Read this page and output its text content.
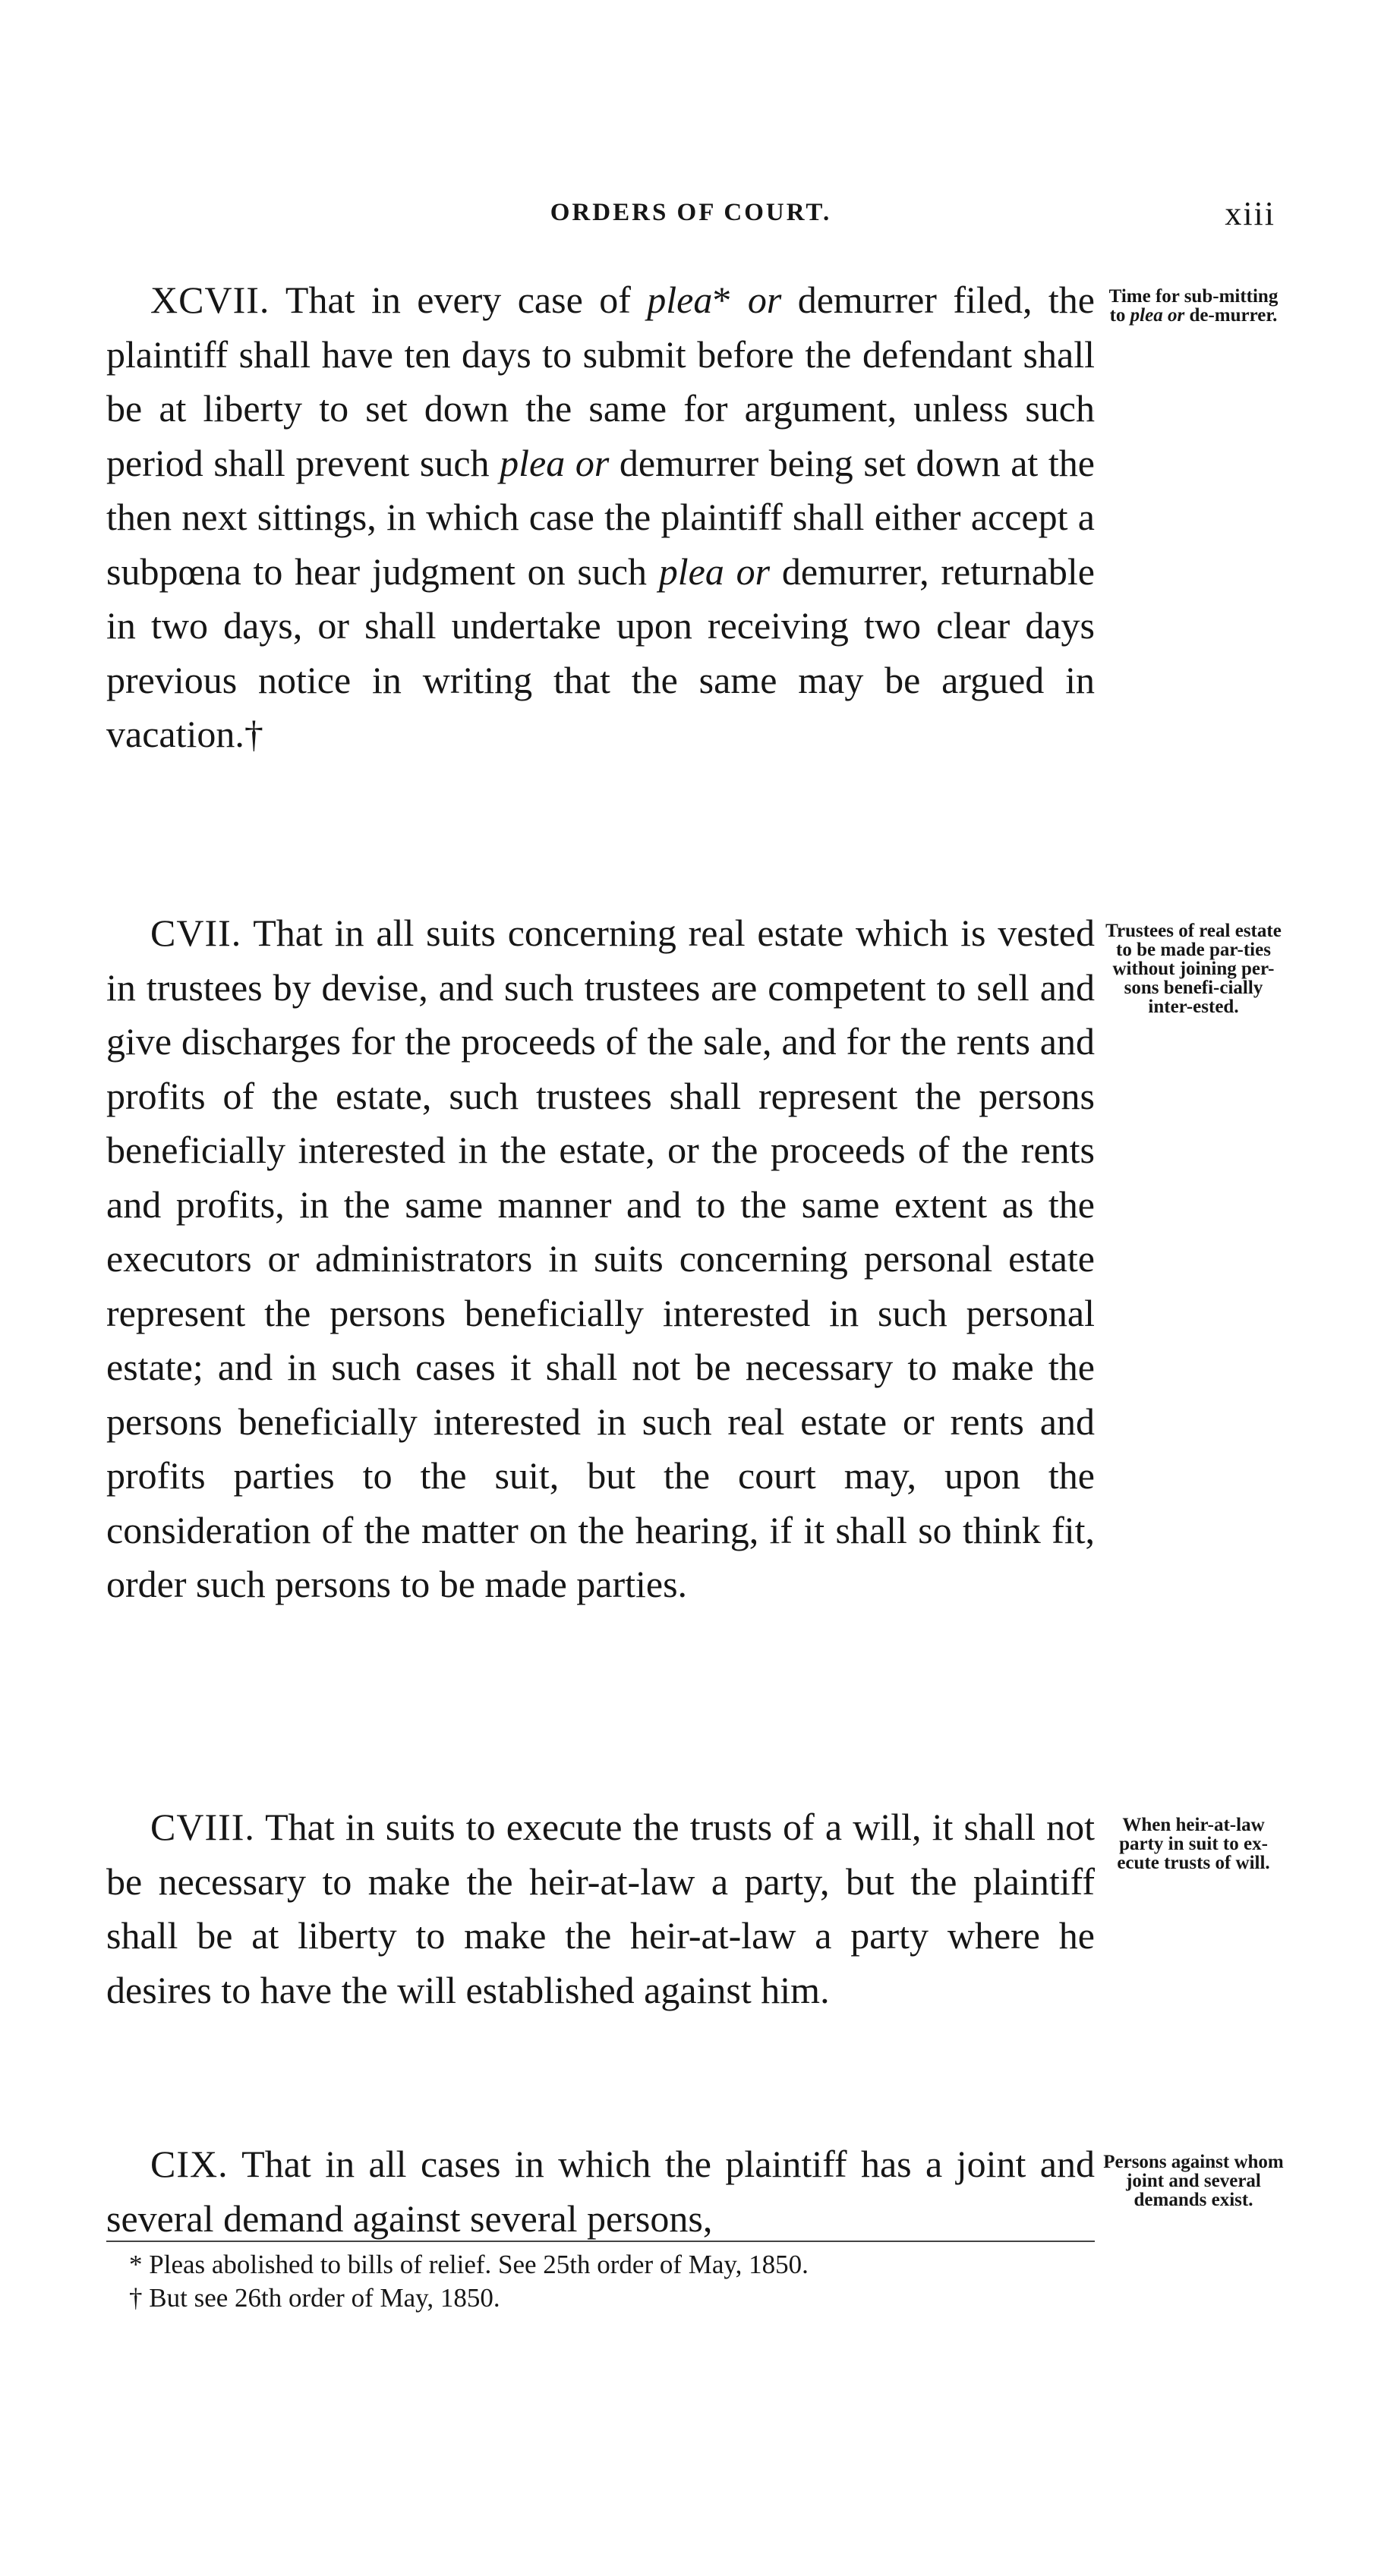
ORDERS OF COURT.	xiii
XCVII. That in every case of plea* or demurrer filed, the plaintiff shall have ten days to submit before the defendant shall be at liberty to set down the same for argument, unless such period shall prevent such plea or demurrer being set down at the then next sittings, in which case the plaintiff shall either accept a subpœna to hear judgment on such plea or demurrer, returnable in two days, or shall undertake upon receiving two clear days previous notice in writing that the same may be argued in vacation.†
Time for sub-mitting to plea or de-murrer.
CVII. That in all suits concerning real estate which is vested in trustees by devise, and such trustees are competent to sell and give discharges for the proceeds of the sale, and for the rents and profits of the estate, such trustees shall represent the persons beneficially interested in the estate, or the proceeds of the rents and profits, in the same manner and to the same extent as the executors or administrators in suits concerning personal estate represent the persons beneficially interested in such personal estate; and in such cases it shall not be necessary to make the persons beneficially interested in such real estate or rents and profits parties to the suit, but the court may, upon the consideration of the matter on the hearing, if it shall so think fit, order such persons to be made parties.
Trustees of real estate to be made par-ties without joining per-sons benefi-cially inter-ested.
CVIII. That in suits to execute the trusts of a will, it shall not be necessary to make the heir-at-law a party, but the plaintiff shall be at liberty to make the heir-at-law a party where he desires to have the will established against him.
When heir-at-law party in suit to ex-ecute trusts of will.
CIX. That in all cases in which the plaintiff has a joint and several demand against several persons,
Persons against whom joint and several demands exist.
* Pleas abolished to bills of relief. See 25th order of May, 1850.
† But see 26th order of May, 1850.
